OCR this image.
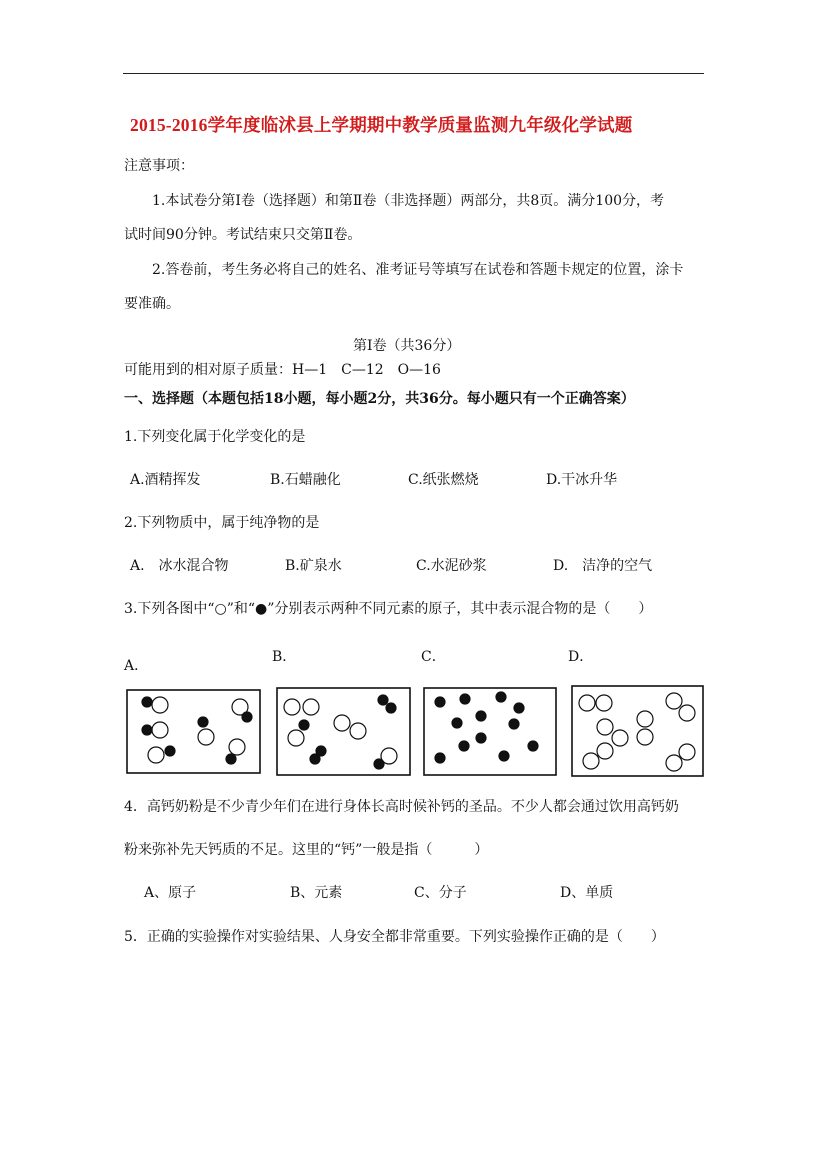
2015-2016学年度临沭县上学期期中教学质量监测九年级化学试题
注意事项：
1.本试卷分第Ⅰ卷（选择题）和第Ⅱ卷（非选择题）两部分，共8页。满分100分，考
试时间90分钟。考试结束只交第Ⅱ卷。
2.答卷前，考生务必将自己的姓名、准考证号等填写在试卷和答题卡规定的位置，涂卡
要准确。
第Ⅰ卷（共36分）
可能用到的相对原子质量：H—1　C—12　O—16
一、选择题（本题包括18小题，每小题2分，共36分。每小题只有一个正确答案）
1.下列变化属于化学变化的是
A.酒精挥发	B.石蜡融化	C.纸张燃烧	D.干冰升华
2.下列物质中，属于纯净物的是
A.　冰水混合物	B.矿泉水	C.水泥砂浆	D.　洁净的空气
3.下列各图中“○”和“●”分别表示两种不同元素的原子，其中表示混合物的是（　　）
A．
B．	C．	D．
4．高钙奶粉是不少青少年们在进行身体长高时候补钙的圣品。不少人都会通过饮用高钙奶
粉来弥补先天钙质的不足。这里的“钙”一般是指（　　　）
A、原子	B、元素	C、分子	D、单质
5．正确的实验操作对实验结果、人身安全都非常重要。下列实验操作正确的是（　　）
